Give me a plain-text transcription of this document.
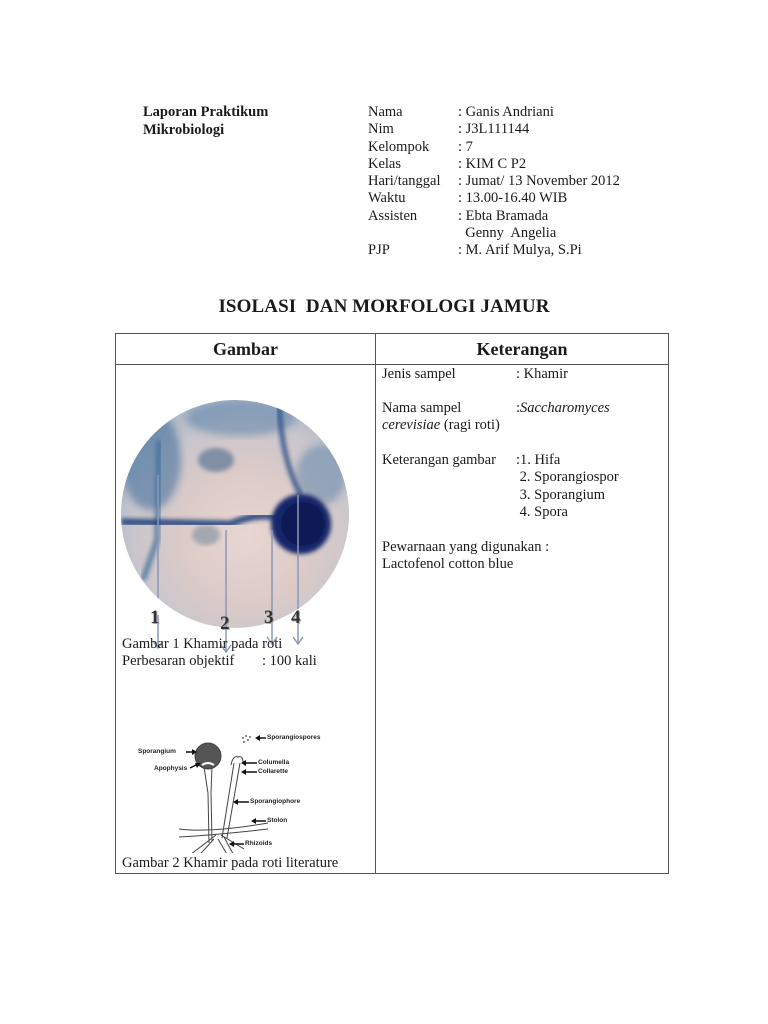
Laporan Praktikum
Mikrobiologi
Nama	: Ganis Andriani
Nim	: J3L111144
Kelompok	: 7
Kelas	: KIM C P2
Hari/tanggal	: Jumat/ 13 November 2012
Waktu	: 13.00-16.40 WIB
Assisten	: Ebta Bramada
Genny  Angelia
PJP	: M. Arif Mulya, S.Pi
ISOLASI  DAN MORFOLOGI JAMUR
Gambar	Keterangan

1	2 3 4
Gambar 1 Khamir pada roti
Perbesaran objektif : 100 kali
Sporangiospores
Sporangium
Columella
Collarette
Apophysis
Sporangiophore
Stolon
Rhizoids
Gambar 2 Khamir pada roti literature

Jenis sampel	: Khamir
Nama sampel	:Saccharomyces
cerevisiae (ragi roti)
Keterangan gambar :1. Hifa
2. Sporangiospor
3. Sporangium
4. Spora
Pewarnaan yang digunakan :
Lactofenol cotton blue
